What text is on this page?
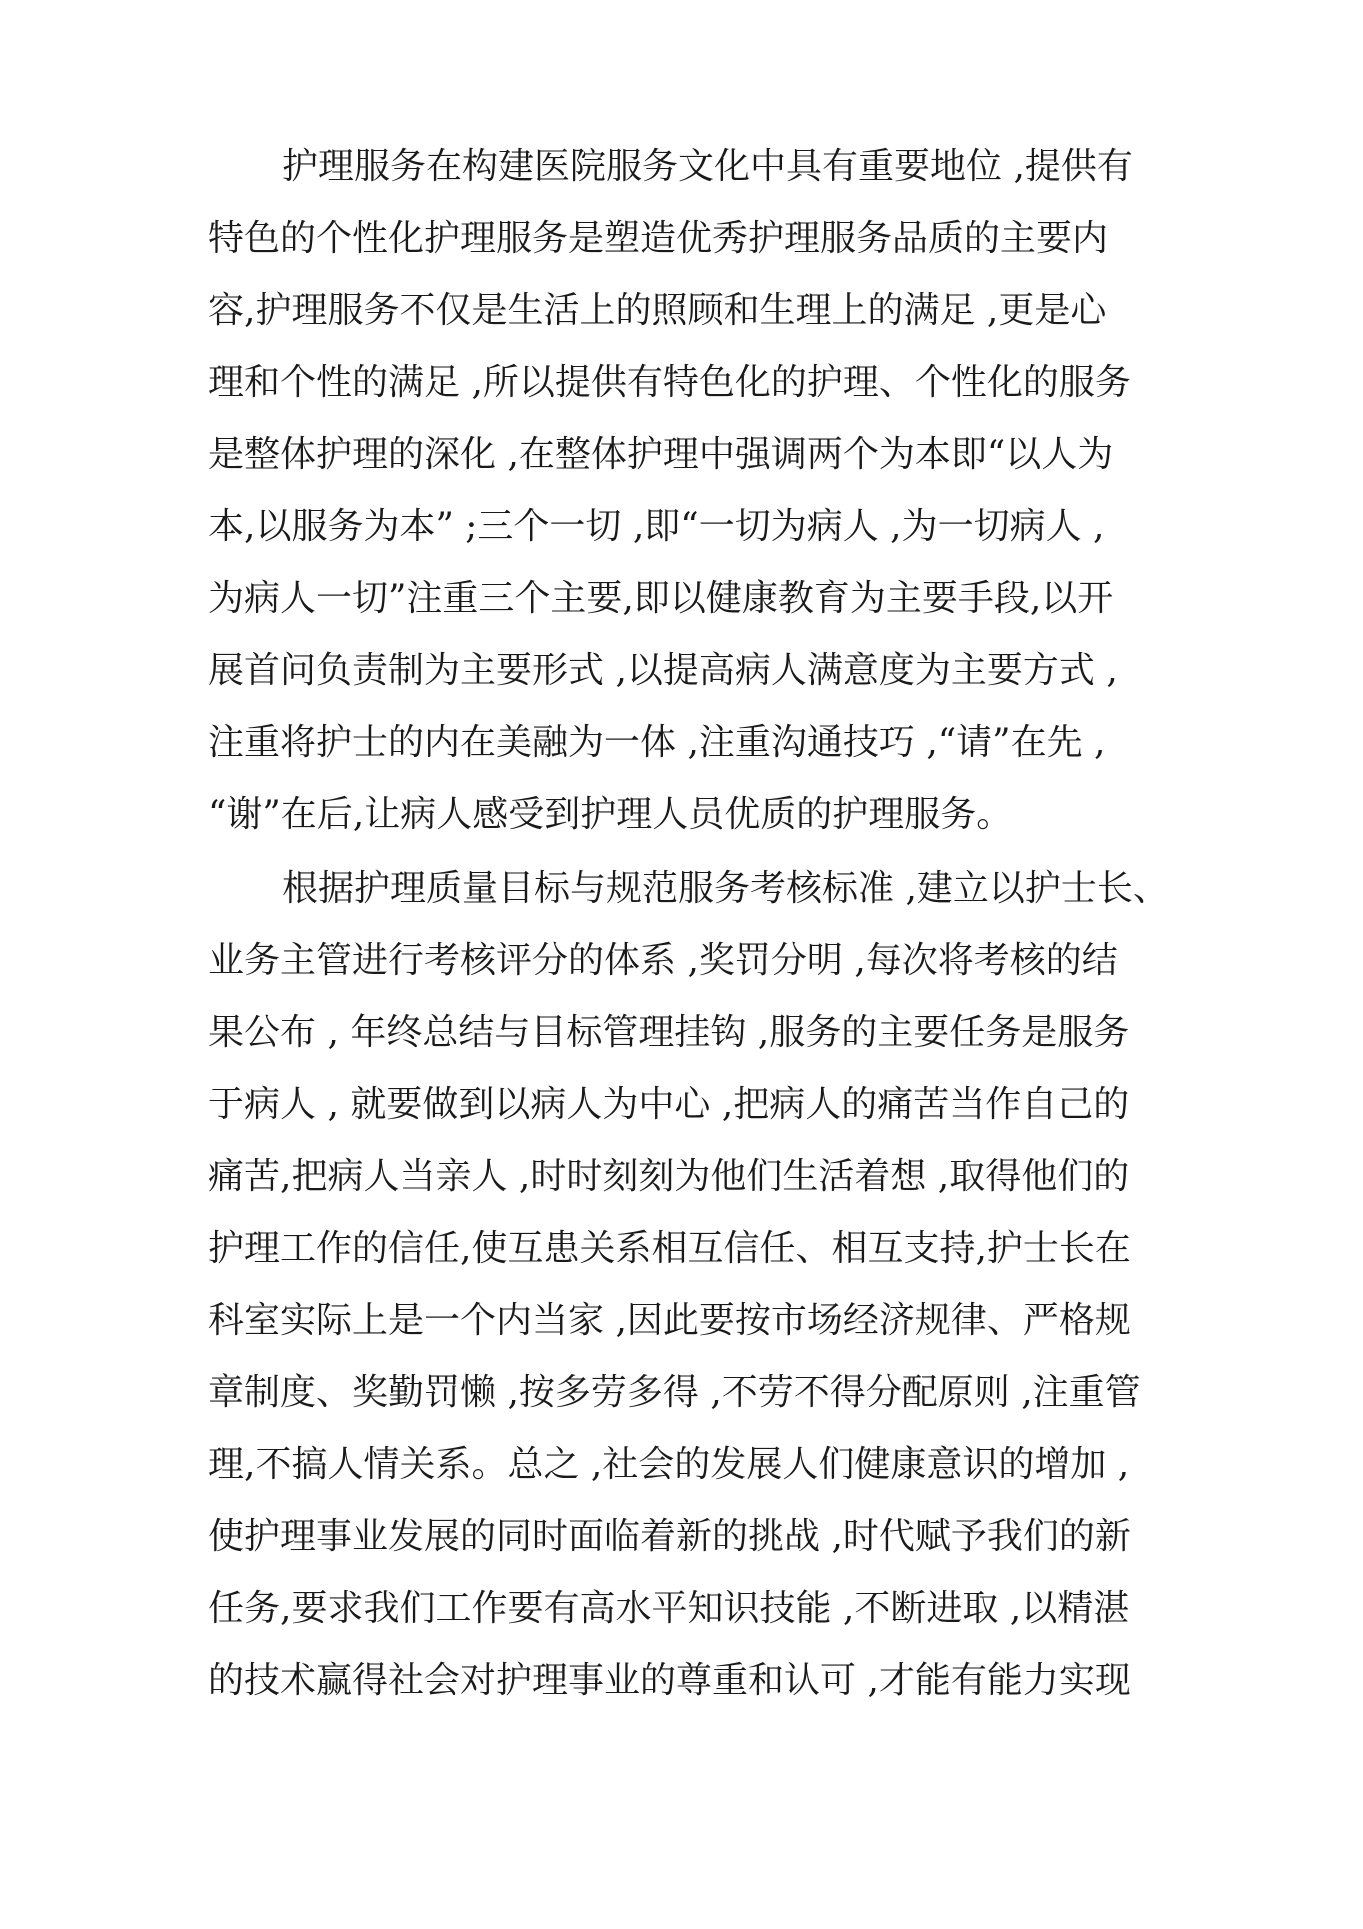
护理服务在构建医院服务文化中具有重要地位 ,提供有
特色的个性化护理服务是塑造优秀护理服务品质的主要内
容,护理服务不仅是生活上的照顾和生理上的满足 ,更是心
理和个性的满足 ,所以提供有特色化的护理、个性化的服务
是整体护理的深化 ,在整体护理中强调两个为本即“以人为
本,以服务为本” ;三个一切 ,即“一切为病人 ,为一切病人 ,
为病人一切”注重三个主要,即以健康教育为主要手段,以开
展首问负责制为主要形式 ,以提高病人满意度为主要方式 ,
注重将护士的内在美融为一体 ,注重沟通技巧 ,“请”在先 ,
“谢”在后,让病人感受到护理人员优质的护理服务。
根据护理质量目标与规范服务考核标准 ,建立以护士长、
业务主管进行考核评分的体系 ,奖罚分明 ,每次将考核的结
果公布 , 年终总结与目标管理挂钩 ,服务的主要任务是服务
于病人 , 就要做到以病人为中心 ,把病人的痛苦当作自己的
痛苦,把病人当亲人 ,时时刻刻为他们生活着想 ,取得他们的
护理工作的信任,使互患关系相互信任、相互支持,护士长在
科室实际上是一个内当家 ,因此要按市场经济规律、严格规
章制度、奖勤罚懒 ,按多劳多得 ,不劳不得分配原则 ,注重管
理,不搞人情关系。总之 ,社会的发展人们健康意识的增加 ,
使护理事业发展的同时面临着新的挑战 ,时代赋予我们的新
任务,要求我们工作要有高水平知识技能 ,不断进取 ,以精湛
的技术赢得社会对护理事业的尊重和认可 ,才能有能力实现
